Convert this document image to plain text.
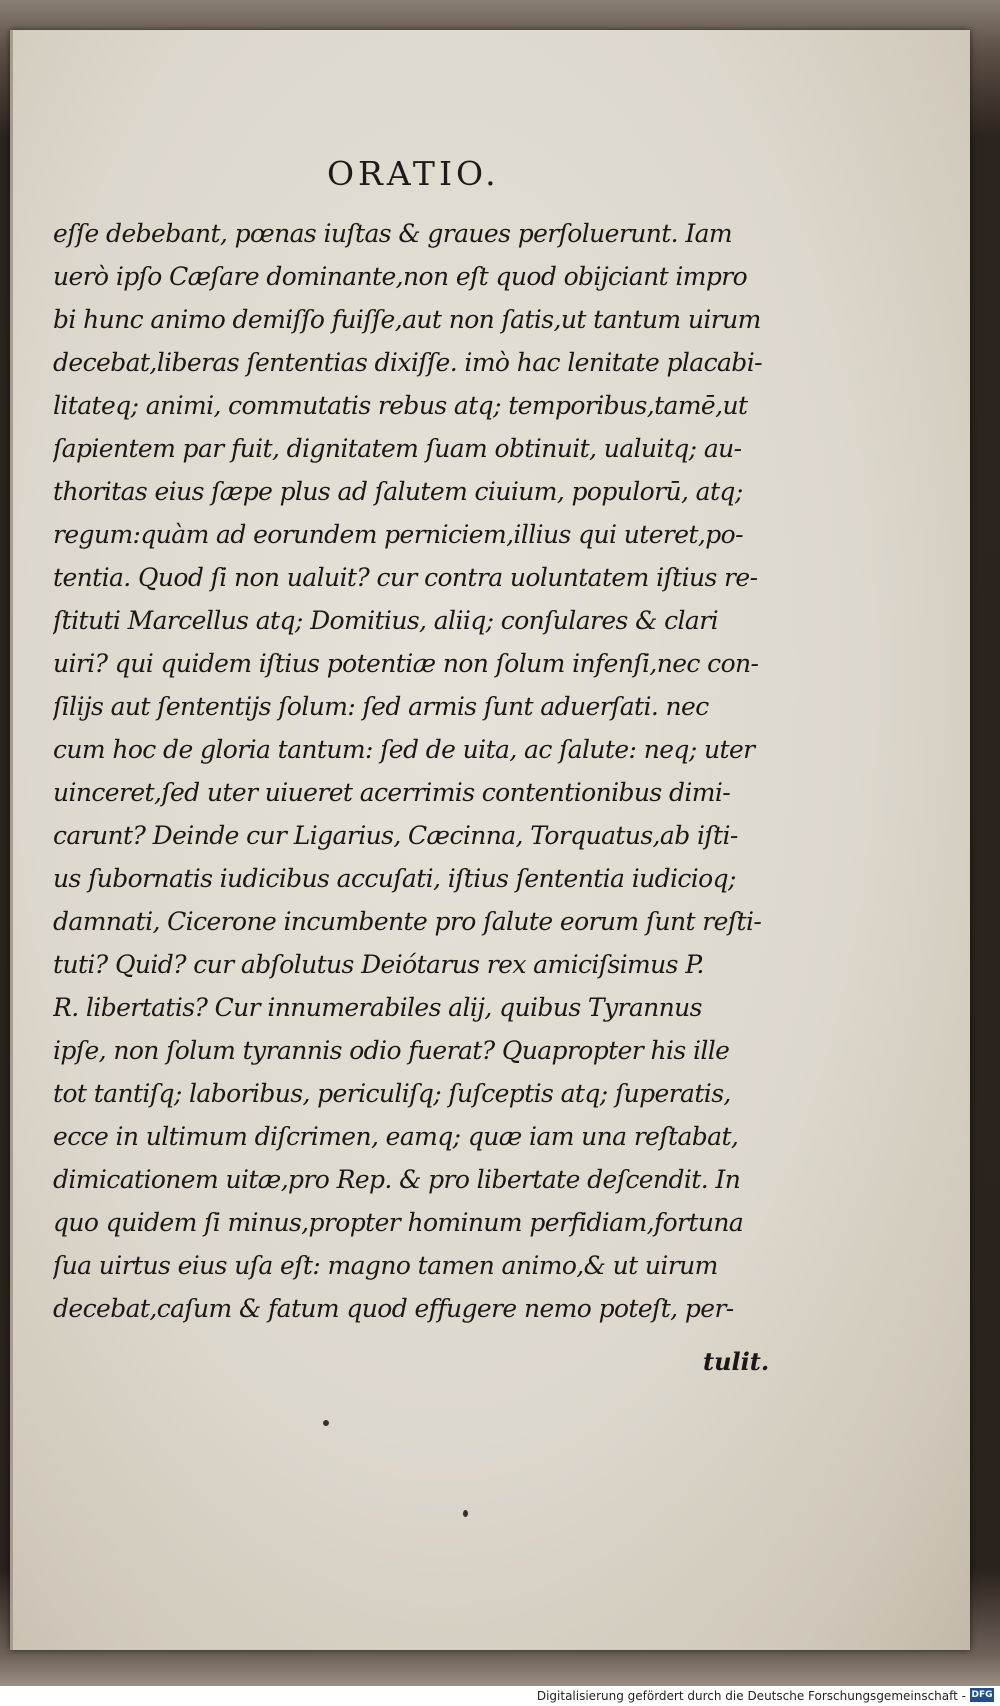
ORATIO.
eſſe debebant, pœnas iuſtas & graues perſoluerunt. Iam
uerò ipſo Cæſare dominante,non eſt quod obijciant impro
bi hunc animo demiſſo fuiſſe,aut non ſatis,ut tantum uirum
decebat,liberas ſententias dixiſſe. imò hac lenitate placabi-
litateq; animi, commutatis rebus atq; temporibus,tamē,ut
ſapientem par fuit, dignitatem ſuam obtinuit, ualuitq; au-
thoritas eius ſæpe plus ad ſalutem ciuium, populorū, atq;
regum:quàm ad eorundem perniciem,illius qui uteret,po-
tentia. Quod ſi non ualuit? cur contra uoluntatem iſtius re-
ſtituti Marcellus atq; Domitius, aliiq; conſulares & clari
uiri? qui quidem iſtius potentiæ non ſolum infenſi,nec con-
ſilijs aut ſententijs ſolum: ſed armis ſunt aduerſati. nec
cum hoc de gloria tantum: ſed de uita, ac ſalute: neq; uter
uinceret,ſed uter uiueret acerrimis contentionibus dimi-
carunt? Deinde cur Ligarius, Cæcinna, Torquatus,ab iſti-
us ſubornatis iudicibus accuſati, iſtius ſententia iudicioq;
damnati, Cicerone incumbente pro ſalute eorum ſunt reſti-
tuti? Quid? cur abſolutus Deiótarus rex amiciſsimus P.
R. libertatis? Cur innumerabiles alij, quibus Tyrannus
ipſe, non ſolum tyrannis odio fuerat? Quapropter his ille
tot tantiſq; laboribus, periculiſq; ſuſceptis atq; ſuperatis,
ecce in ultimum diſcrimen, eamq; quæ iam una reſtabat,
dimicationem uitæ,pro Rep. & pro libertate deſcendit. In
quo quidem ſi minus,propter hominum perfidiam,fortuna
ſua uirtus eius uſa eſt: magno tamen animo,& ut uirum
decebat,caſum & fatum quod effugere nemo poteſt, per-
tulit.
Digitalisierung gefördert durch die Deutsche Forschungsgemeinschaft - DFG
